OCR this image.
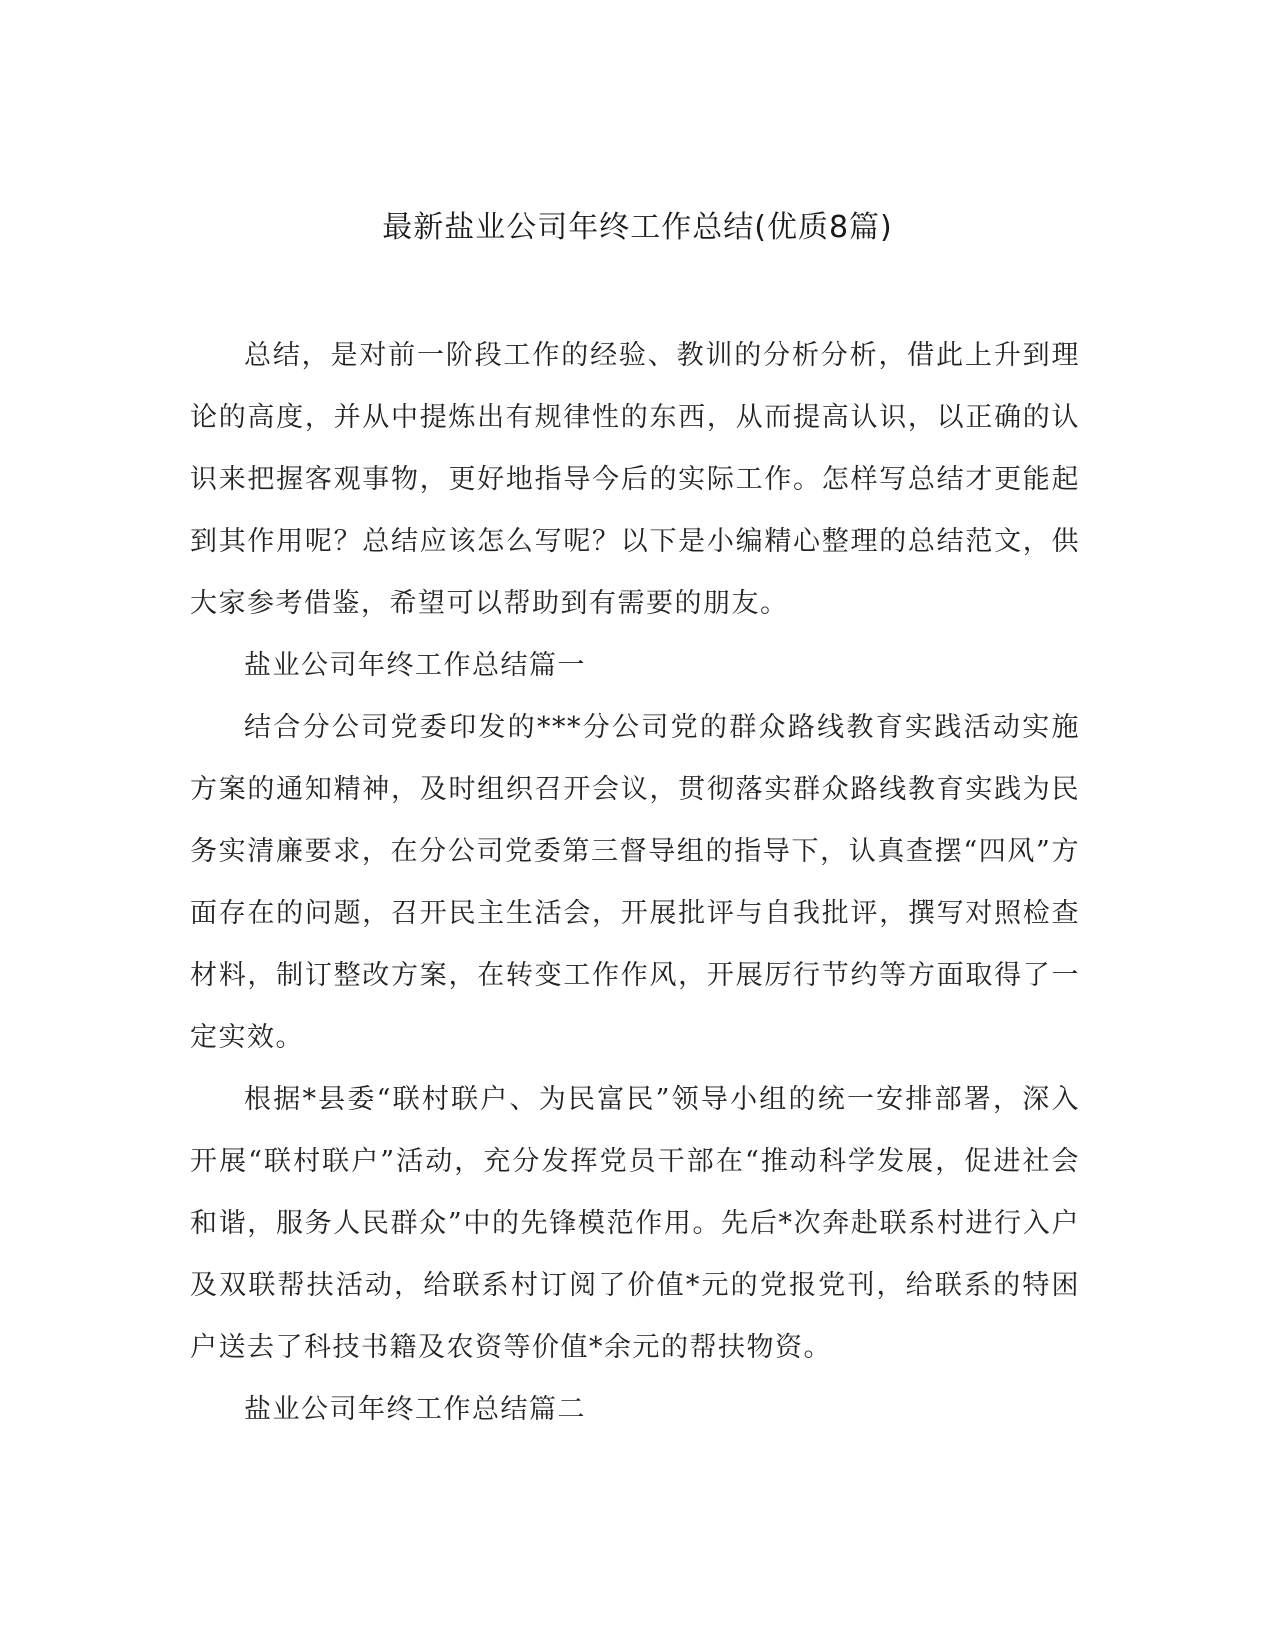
最新盐业公司年终工作总结(优质8篇)

总结，是对前一阶段工作的经验、教训的分析分析，借此上升到理论的高度，并从中提炼出有规律性的东西，从而提高认识，以正确的认识来把握客观事物，更好地指导今后的实际工作。怎样写总结才更能起到其作用呢？总结应该怎么写呢？以下是小编精心整理的总结范文，供大家参考借鉴，希望可以帮助到有需要的朋友。

盐业公司年终工作总结篇一

结合分公司党委印发的***分公司党的群众路线教育实践活动实施方案的通知精神，及时组织召开会议，贯彻落实群众路线教育实践为民务实清廉要求，在分公司党委第三督导组的指导下，认真查摆“四风”方面存在的问题，召开民主生活会，开展批评与自我批评，撰写对照检查材料，制订整改方案，在转变工作作风，开展厉行节约等方面取得了一定实效。

根据*县委“联村联户、为民富民”领导小组的统一安排部署，深入开展“联村联户”活动，充分发挥党员干部在“推动科学发展，促进社会和谐，服务人民群众”中的先锋模范作用。先后*次奔赴联系村进行入户及双联帮扶活动，给联系村订阅了价值*元的党报党刊，给联系的特困户送去了科技书籍及农资等价值*余元的帮扶物资。

盐业公司年终工作总结篇二
